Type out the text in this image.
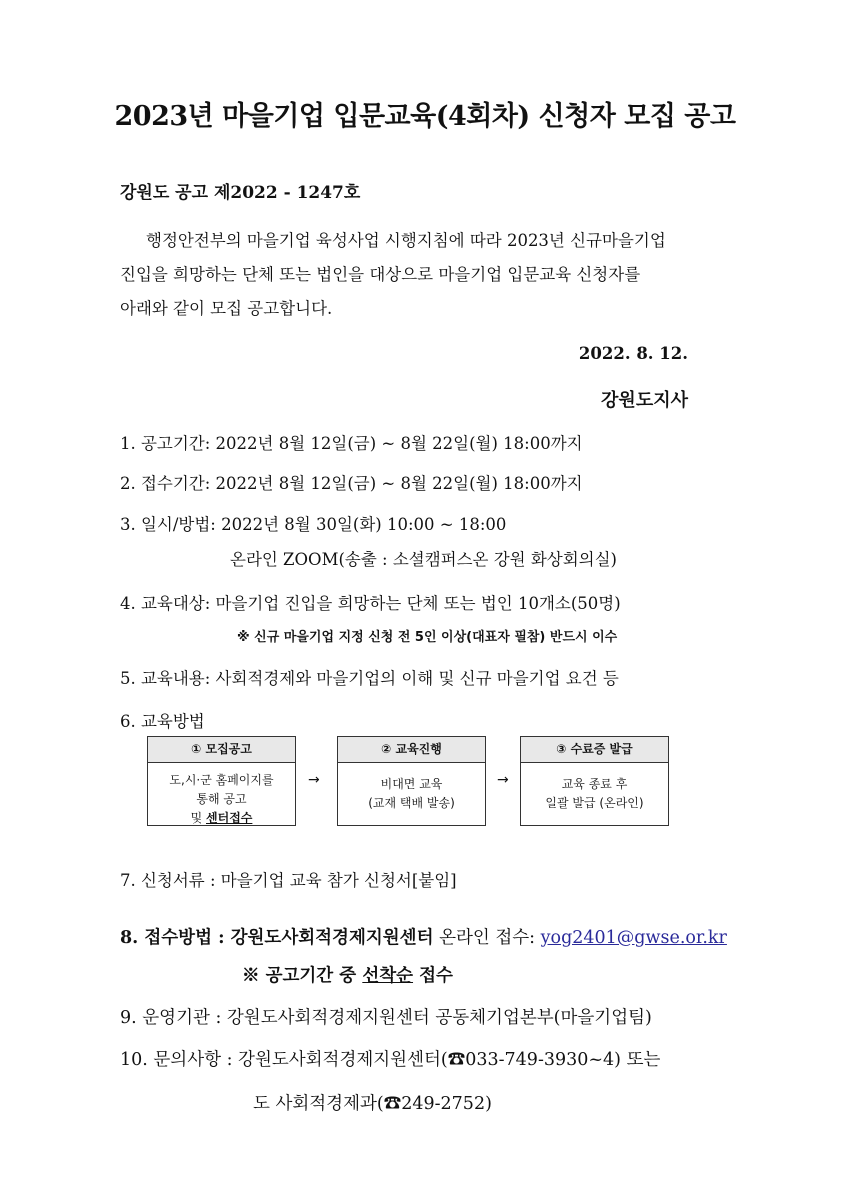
2023년 마을기업 입문교육(4회차) 신청자 모집 공고
강원도 공고 제2022 - 1247호
행정안전부의 마을기업 육성사업 시행지침에 따라 2023년 신규마을기업
진입을 희망하는 단체 또는 법인을 대상으로 마을기업 입문교육 신청자를
아래와 같이 모집 공고합니다.
2022. 8. 12.
강원도지사
1. 공고기간: 2022년 8월 12일(금) ~ 8월 22일(월) 18:00까지
2. 접수기간: 2022년 8월 12일(금) ~ 8월 22일(월) 18:00까지
3. 일시/방법: 2022년 8월 30일(화) 10:00 ~ 18:00
온라인 ZOOM(송출 : 소셜캠퍼스온 강원 화상회의실)
4. 교육대상: 마을기업 진입을 희망하는 단체 또는 법인 10개소(50명)
※ 신규 마을기업 지정 신청 전 5인 이상(대표자 필참) 반드시 이수
5. 교육내용: 사회적경제와 마을기업의 이해 및 신규 마을기업 요건 등
6. 교육방법
① 모집공고
도,시·군 홈페이지를
통해 공고
및 센터접수
→
② 교육진행
비대면 교육
(교재 택배 발송)
→
③ 수료증 발급
교육 종료 후
일괄 발급 (온라인)
7. 신청서류 : 마을기업 교육 참가 신청서[붙임]
8. 접수방법 : 강원도사회적경제지원센터 온라인 접수: yog2401@gwse.or.kr
※ 공고기간 중 선착순 접수
9. 운영기관 : 강원도사회적경제지원센터 공동체기업본부(마을기업팀)
10. 문의사항 : 강원도사회적경제지원센터(☎033-749-3930~4) 또는
도 사회적경제과(☎249-2752)
